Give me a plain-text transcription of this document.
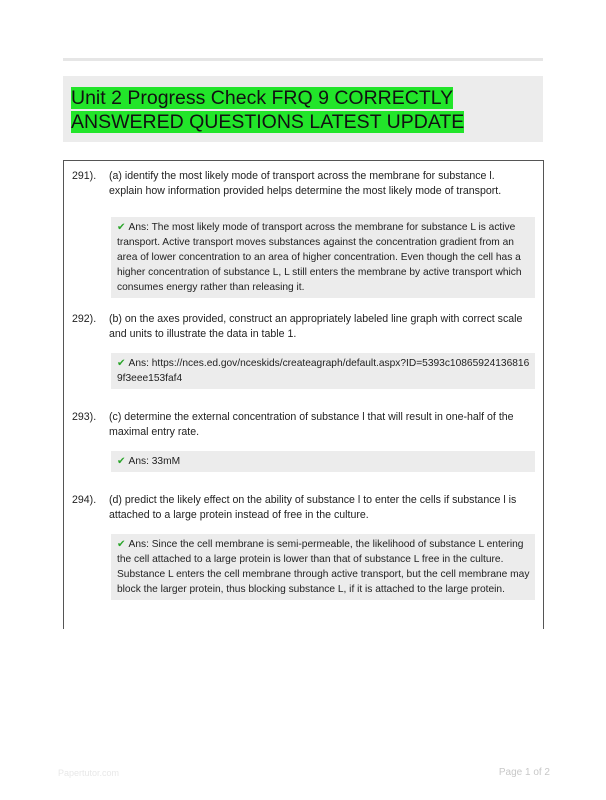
Unit 2 Progress Check FRQ 9 CORRECTLY ANSWERED QUESTIONS LATEST UPDATE
291). (a) identify the most likely mode of transport across the membrane for substance l. explain how information provided helps determine the most likely mode of transport.
✔ Ans: The most likely mode of transport across the membrane for substance L is active transport. Active transport moves substances against the concentration gradient from an area of lower concentration to an area of higher concentration. Even though the cell has a higher concentration of substance L, L still enters the membrane by active transport which consumes energy rather than releasing it.
292). (b) on the axes provided, construct an appropriately labeled line graph with correct scale and units to illustrate the data in table 1.
✔ Ans: https://nces.ed.gov/nceskids/createagraph/default.aspx?ID=5393c108659241368169f3eee153faf4
293). (c) determine the external concentration of substance l that will result in one-half of the maximal entry rate.
✔ Ans: 33mM
294). (d) predict the likely effect on the ability of substance l to enter the cells if substance l is attached to a large protein instead of free in the culture.
✔ Ans: Since the cell membrane is semi-permeable, the likelihood of substance L entering the cell attached to a large protein is lower than that of substance L free in the culture. Substance L enters the cell membrane through active transport, but the cell membrane may block the larger protein, thus blocking substance L, if it is attached to the large protein.
Papertutor.com	Page 1 of 2
